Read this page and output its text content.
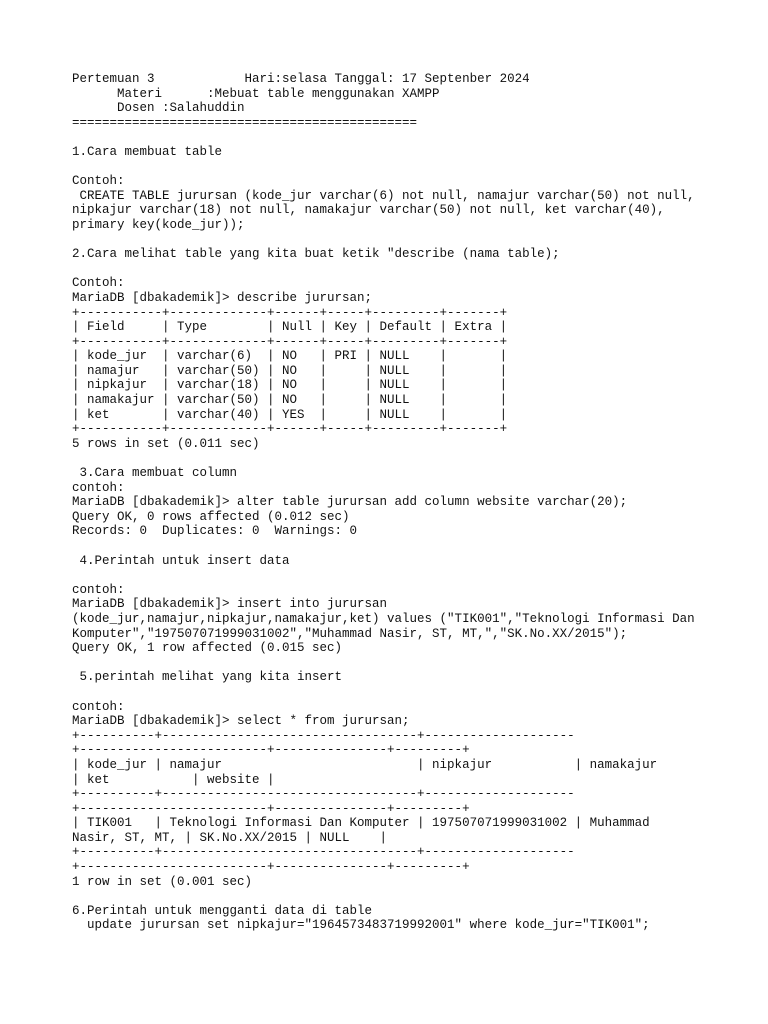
Pertemuan 3            Hari:selasa Tanggal: 17 Septenber 2024
Materi      :Mebuat table menggunakan XAMPP
Dosen :Salahuddin
==============================================
1.Cara membuat table
Contoh:
CREATE TABLE jurursan (kode_jur varchar(6) not null, namajur varchar(50) not null,
nipkajur varchar(18) not null, namakajur varchar(50) not null, ket varchar(40),
primary key(kode_jur));
2.Cara melihat table yang kita buat ketik "describe (nama table);
Contoh:
MariaDB [dbakademik]> describe jurursan;
+-----------+-------------+------+-----+---------+-------+
| Field     | Type        | Null | Key | Default | Extra |
+-----------+-------------+------+-----+---------+-------+
| kode_jur  | varchar(6)  | NO   | PRI | NULL    |       |
| namajur   | varchar(50) | NO   |     | NULL    |       |
| nipkajur  | varchar(18) | NO   |     | NULL    |       |
| namakajur | varchar(50) | NO   |     | NULL    |       |
| ket       | varchar(40) | YES  |     | NULL    |       |
+-----------+-------------+------+-----+---------+-------+
5 rows in set (0.011 sec)
3.Cara membuat column
contoh:
MariaDB [dbakademik]> alter table jurursan add column website varchar(20);
Query OK, 0 rows affected (0.012 sec)
Records: 0  Duplicates: 0  Warnings: 0
4.Perintah untuk insert data
contoh:
MariaDB [dbakademik]> insert into jurursan
(kode_jur,namajur,nipkajur,namakajur,ket) values ("TIK001","Teknologi Informasi Dan
Komputer","197507071999031002","Muhammad Nasir, ST, MT,","SK.No.XX/2015");
Query OK, 1 row affected (0.015 sec)
5.perintah melihat yang kita insert
contoh:
MariaDB [dbakademik]> select * from jurursan;
+----------+----------------------------------+--------------------
+-------------------------+---------------+---------+
| kode_jur | namajur                          | nipkajur           | namakajur
| ket           | website |
+----------+----------------------------------+--------------------
+-------------------------+---------------+---------+
| TIK001   | Teknologi Informasi Dan Komputer | 197507071999031002 | Muhammad
Nasir, ST, MT, | SK.No.XX/2015 | NULL    |
+----------+----------------------------------+--------------------
+-------------------------+---------------+---------+
1 row in set (0.001 sec)
6.Perintah untuk mengganti data di table
update jurursan set nipkajur="1964573483719992001" where kode_jur="TIK001";
